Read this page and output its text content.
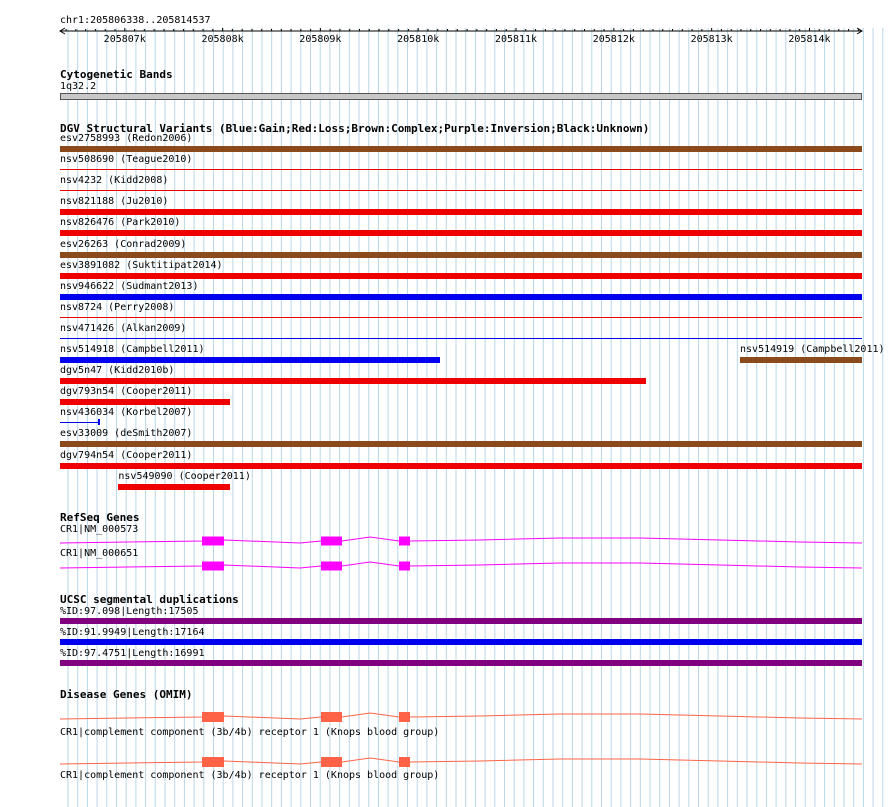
chr1:205806338..205814537
Cytogenetic Bands
1q32.2
DGV Structural Variants (Blue:Gain;Red:Loss;Brown:Complex;Purple:Inversion;Black:Unknown)
esv2758993 (Redon2006)
nsv508690 (Teague2010)
nsv4232 (Kidd2008)
nsv821188 (Ju2010)
nsv826476 (Park2010)
esv26263 (Conrad2009)
esv3891082 (Suktitipat2014)
nsv946622 (Sudmant2013)
nsv8724 (Perry2008)
nsv471426 (Alkan2009)
nsv514918 (Campbell2011)	nsv514919 (Campbell2011)
dgv5n47 (Kidd2010b)
dgv793n54 (Cooper2011)
nsv436034 (Korbel2007)
esv33009 (deSmith2007)
dgv794n54 (Cooper2011)
nsv549090 (Cooper2011)
RefSeq Genes
CR1|NM_000573
CR1|NM_000651
UCSC segmental duplications
%ID:97.098|Length:17505
%ID:91.9949|Length:17164
%ID:97.4751|Length:16991
Disease Genes (OMIM)
CR1|complement component (3b/4b) receptor 1 (Knops blood group)
CR1|complement component (3b/4b) receptor 1 (Knops blood group)
205807k	205808k	205809k	205810k	205811k	205812k	205813k	205814k
